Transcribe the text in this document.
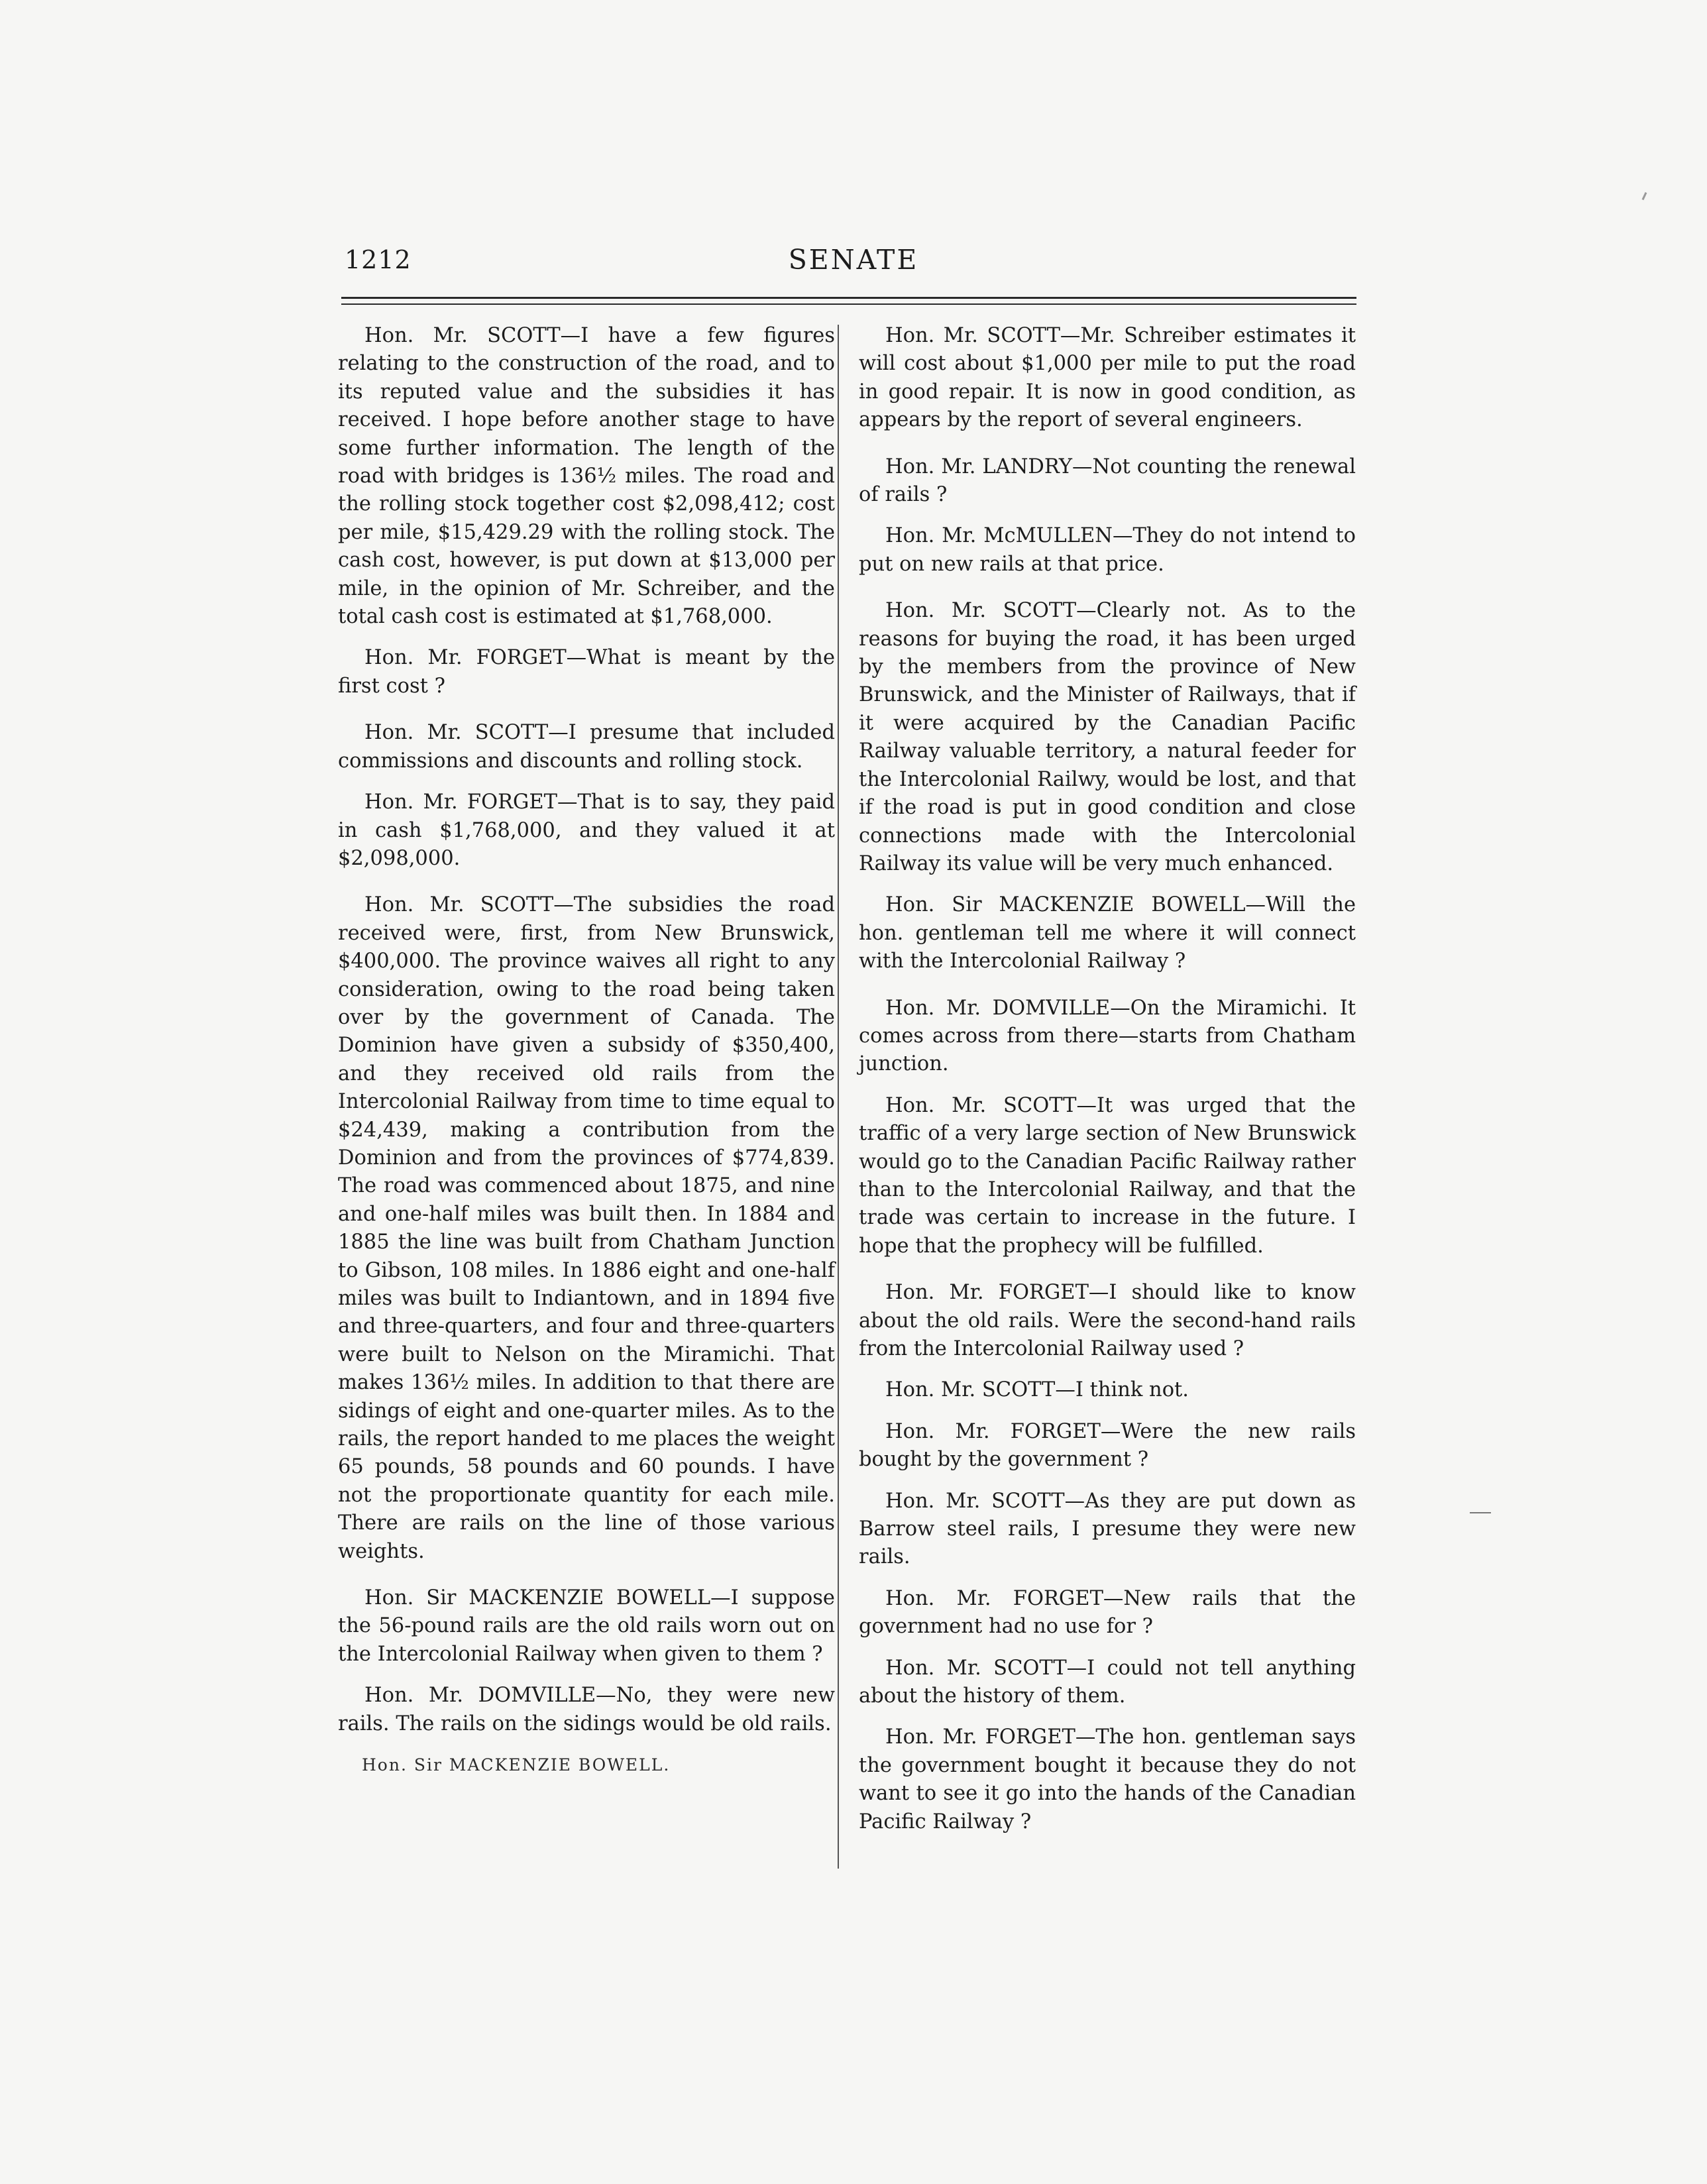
1212	SENATE

Hon. Mr. SCOTT—I have a few figures relating to the construction of the road, and to its reputed value and the subsidies it has received. I hope before another stage to have some further information. The length of the road with bridges is 136½ miles. The road and the rolling stock together cost $2,098,412; cost per mile, $15,429.29 with the rolling stock. The cash cost, however, is put down at $13,000 per mile, in the opinion of Mr. Schreiber, and the total cash cost is estimated at $1,768,000.

Hon. Mr. FORGET—What is meant by the first cost ?

Hon. Mr. SCOTT—I presume that included commissions and discounts and rolling stock.

Hon. Mr. FORGET—That is to say, they paid in cash $1,768,000, and they valued it at $2,098,000.

Hon. Mr. SCOTT—The subsidies the road received were, first, from New Brunswick, $400,000. The province waives all right to any consideration, owing to the road being taken over by the government of Canada. The Dominion have given a subsidy of $350,400, and they received old rails from the Intercolonial Railway from time to time equal to $24,439, making a contribution from the Dominion and from the provinces of $774,839. The road was commenced about 1875, and nine and one-half miles was built then. In 1884 and 1885 the line was built from Chatham Junction to Gibson, 108 miles. In 1886 eight and one-half miles was built to Indiantown, and in 1894 five and three-quarters, and four and three-quarters were built to Nelson on the Miramichi. That makes 136½ miles. In addition to that there are sidings of eight and one-quarter miles. As to the rails, the report handed to me places the weight 65 pounds, 58 pounds and 60 pounds. I have not the proportionate quantity for each mile. There are rails on the line of those various weights.

Hon. Sir MACKENZIE BOWELL—I suppose the 56-pound rails are the old rails worn out on the Intercolonial Railway when given to them ?

Hon. Mr. DOMVILLE—No, they were new rails. The rails on the sidings would be old rails.

Hon. Sir MACKENZIE BOWELL.

Hon. Mr. SCOTT—Mr. Schreiber estimates it will cost about $1,000 per mile to put the road in good repair. It is now in good condition, as appears by the report of several engineers.

Hon. Mr. LANDRY—Not counting the renewal of rails ?

Hon. Mr. McMULLEN—They do not intend to put on new rails at that price.

Hon. Mr. SCOTT—Clearly not. As to the reasons for buying the road, it has been urged by the members from the province of New Brunswick, and the Minister of Railways, that if it were acquired by the Canadian Pacific Railway valuable territory, a natural feeder for the Intercolonial Railwy, would be lost, and that if the road is put in good condition and close connections made with the Intercolonial Railway its value will be very much enhanced.

Hon. Sir MACKENZIE BOWELL—Will the hon. gentleman tell me where it will connect with the Intercolonial Railway ?

Hon. Mr. DOMVILLE—On the Miramichi. It comes across from there—starts from Chatham junction.

Hon. Mr. SCOTT—It was urged that the traffic of a very large section of New Brunswick would go to the Canadian Pacific Railway rather than to the Intercolonial Railway, and that the trade was certain to increase in the future. I hope that the prophecy will be fulfilled.

Hon. Mr. FORGET—I should like to know about the old rails. Were the second-hand rails from the Intercolonial Railway used ?

Hon. Mr. SCOTT—I think not.

Hon. Mr. FORGET—Were the new rails bought by the government ?

Hon. Mr. SCOTT—As they are put down as Barrow steel rails, I presume they were new rails.

Hon. Mr. FORGET—New rails that the government had no use for ?

Hon. Mr. SCOTT—I could not tell anything about the history of them.

Hon. Mr. FORGET—The hon. gentleman says the government bought it because they do not want to see it go into the hands of the Canadian Pacific Railway ?
